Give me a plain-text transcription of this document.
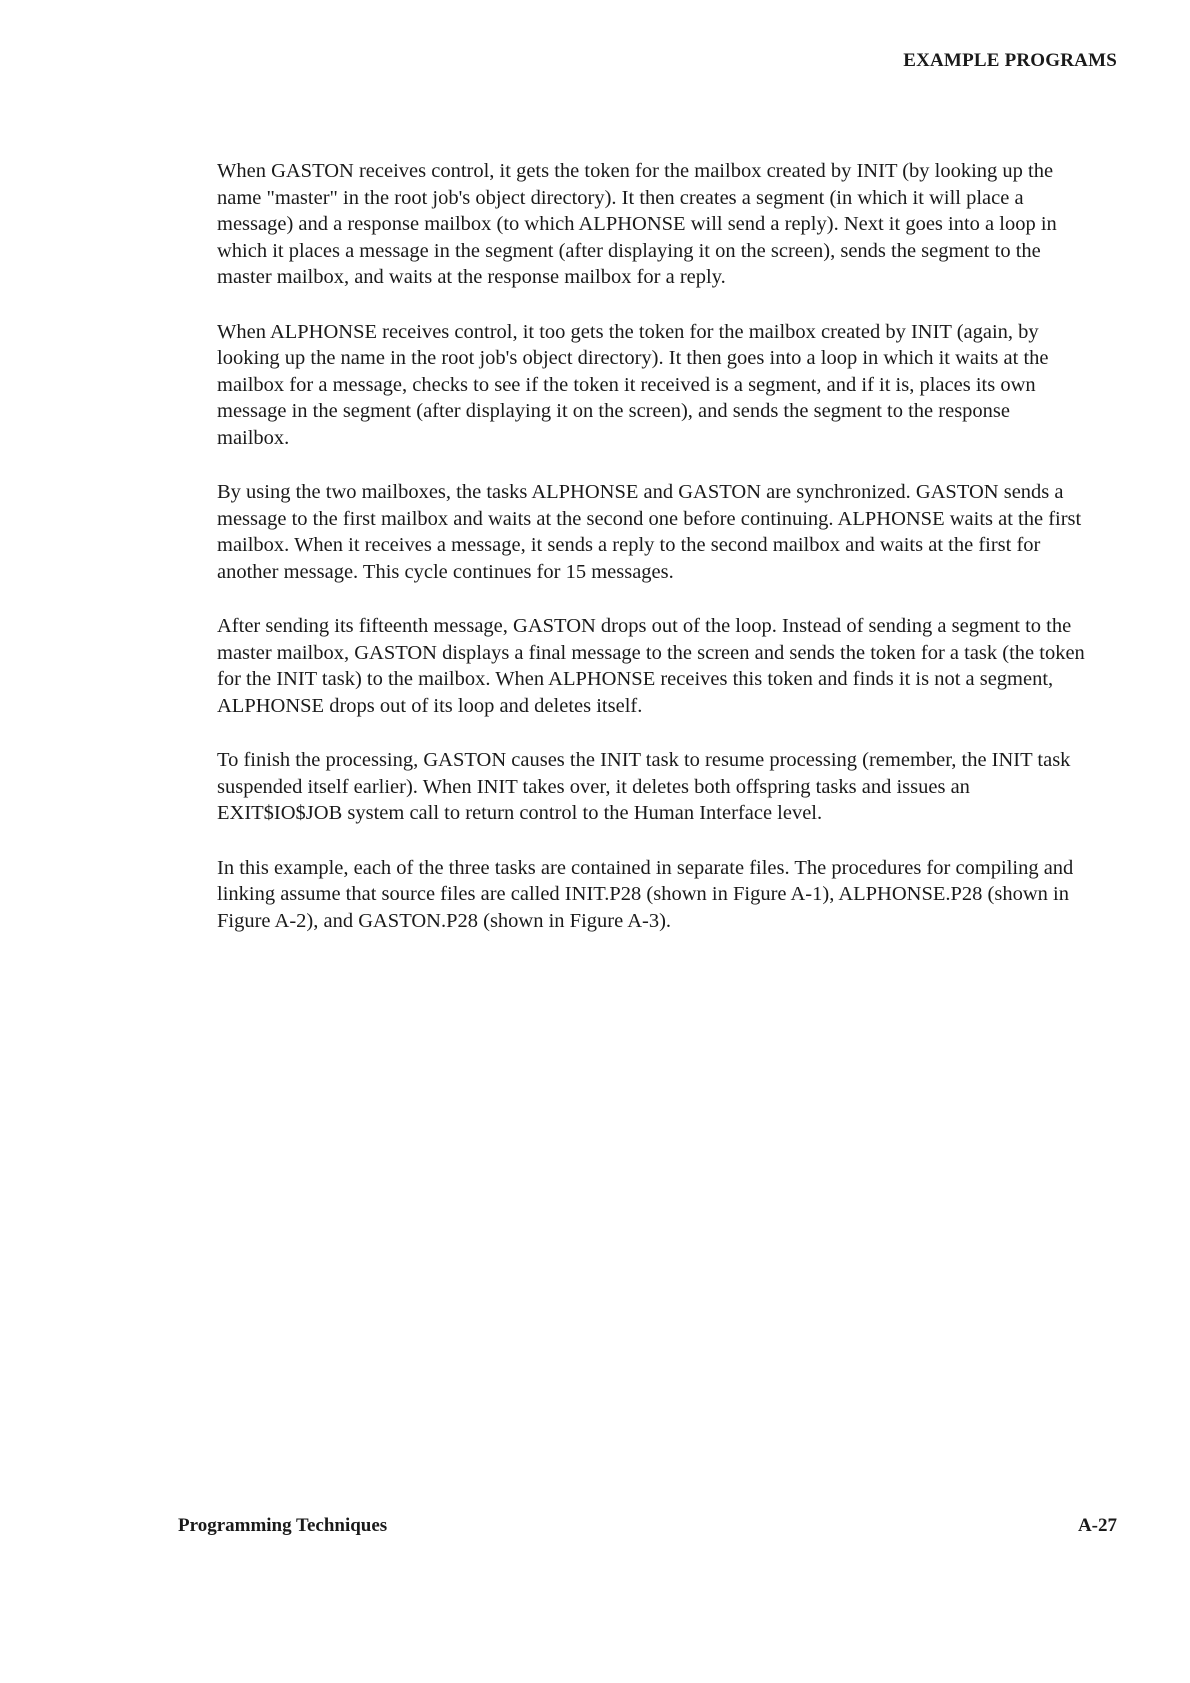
EXAMPLE PROGRAMS

When GASTON receives control, it gets the token for the mailbox created by INIT (by looking up the name "master" in the root job's object directory). It then creates a segment (in which it will place a message) and a response mailbox (to which ALPHONSE will send a reply). Next it goes into a loop in which it places a message in the segment (after displaying it on the screen), sends the segment to the master mailbox, and waits at the response mailbox for a reply.

When ALPHONSE receives control, it too gets the token for the mailbox created by INIT (again, by looking up the name in the root job's object directory). It then goes into a loop in which it waits at the mailbox for a message, checks to see if the token it received is a segment, and if it is, places its own message in the segment (after displaying it on the screen), and sends the segment to the response mailbox.

By using the two mailboxes, the tasks ALPHONSE and GASTON are synchronized. GASTON sends a message to the first mailbox and waits at the second one before continuing. ALPHONSE waits at the first mailbox. When it receives a message, it sends a reply to the second mailbox and waits at the first for another message. This cycle continues for 15 messages.

After sending its fifteenth message, GASTON drops out of the loop. Instead of sending a segment to the master mailbox, GASTON displays a final message to the screen and sends the token for a task (the token for the INIT task) to the mailbox. When ALPHONSE receives this token and finds it is not a segment, ALPHONSE drops out of its loop and deletes itself.

To finish the processing, GASTON causes the INIT task to resume processing (remember, the INIT task suspended itself earlier). When INIT takes over, it deletes both offspring tasks and issues an EXIT$IO$JOB system call to return control to the Human Interface level.

In this example, each of the three tasks are contained in separate files. The procedures for compiling and linking assume that source files are called INIT.P28 (shown in Figure A-1), ALPHONSE.P28 (shown in Figure A-2), and GASTON.P28 (shown in Figure A-3).

Programming Techniques	A-27
